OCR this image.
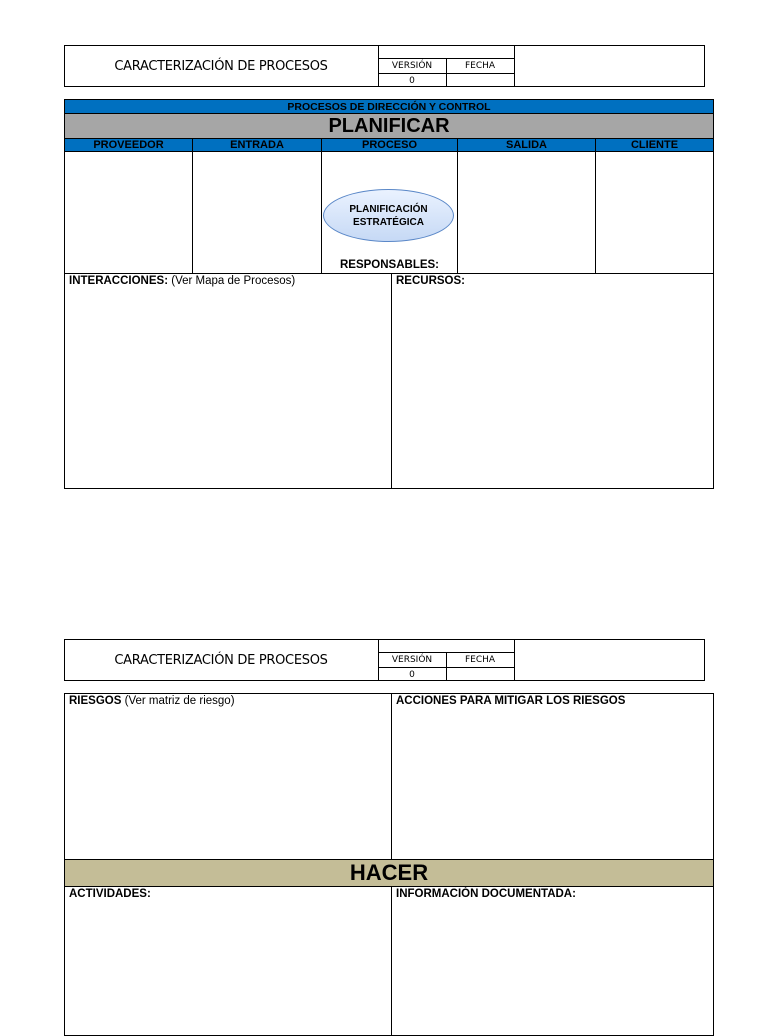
CARACTERIZACIÓN DE PROCESOS	VERSIÓN	FECHA
0
PROCESOS DE DIRECCIÓN Y CONTROL
PLANIFICAR
PROVEEDOR	ENTRADA	PROCESO	SALIDA	CLIENTE
PLANIFICACIÓN
ESTRATÉGICA
RESPONSABLES:
INTERACCIONES: (Ver Mapa de Procesos)	RECURSOS:
CARACTERIZACIÓN DE PROCESOS	VERSIÓN	FECHA
0
RIESGOS (Ver matriz de riesgo)	ACCIONES PARA MITIGAR LOS RIESGOS
HACER
ACTIVIDADES:	INFORMACIÓN DOCUMENTADA:
